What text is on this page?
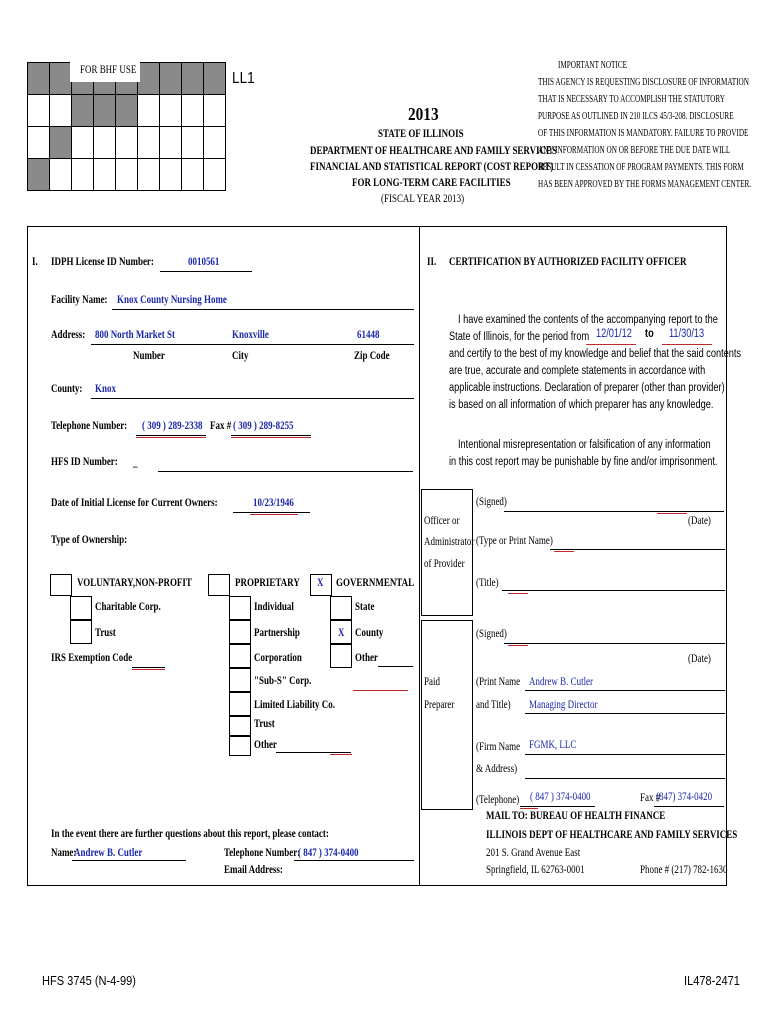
FOR BHF USE	LL1
2013
STATE OF ILLINOIS
DEPARTMENT OF HEALTHCARE AND FAMILY SERVICES
FINANCIAL AND STATISTICAL REPORT (COST REPORT)
FOR LONG-TERM CARE FACILITIES
(FISCAL YEAR 2013)
IMPORTANT NOTICE
THIS AGENCY IS REQUESTING DISCLOSURE OF INFORMATION
THAT IS NECESSARY TO ACCOMPLISH THE STATUTORY
PURPOSE AS OUTLINED IN 210 ILCS 45/3-208. DISCLOSURE
OF THIS INFORMATION IS MANDATORY. FAILURE TO PROVIDE
ANY INFORMATION ON OR BEFORE THE DUE DATE WILL
RESULT IN CESSATION OF PROGRAM PAYMENTS. THIS FORM
HAS BEEN APPROVED BY THE FORMS MANAGEMENT CENTER.
I. IDPH License ID Number:	0010561
Facility Name: Knox County Nursing Home
Address: 800 North Market St	Knoxville	61448
Number	City	Zip Code
County: Knox
Telephone Number: ( 309 ) 289-2338 Fax # ( 309 ) 289-8255
HFS ID Number: _
Date of Initial License for Current Owners:	10/23/1946
Type of Ownership:
VOLUNTARY,NON-PROFIT
Charitable Corp.
Trust
IRS Exemption Code
PROPRIETARY
Individual
Partnership
Corporation
"Sub-S" Corp.
Limited Liability Co.
Trust
Other
X GOVERNMENTAL
State
X County
Other
In the event there are further questions about this report, please contact:
Name:
Andrew B. Cutler	Telephone Number:
( 847 ) 374-0400
Email Address:
II. CERTIFICATION BY AUTHORIZED FACILITY OFFICER
I have examined the contents of the accompanying report to the
State of Illinois, for the period from 12/01/12 to 11/30/13
and certify to the best of my knowledge and belief that the said contents
are true, accurate and complete statements in accordance with
applicable instructions. Declaration of preparer (other than provider)
is based on all information of which preparer has any knowledge.
Intentional misrepresentation or falsification of any information
in this cost report may be punishable by fine and/or imprisonment.
Officer or
Administrator
of Provider
(Signed)
(Date)
(Type or Print Name)
(Title)
Paid
Preparer
(Signed)
(Date)
(Print Name Andrew B. Cutler
and Title) Managing Director
(Firm Name FGMK, LLC
& Address)
(Telephone) ( 847 ) 374-0400	Fax #
(847) 374-0420
MAIL TO: BUREAU OF HEALTH FINANCE
ILLINOIS DEPT OF HEALTHCARE AND FAMILY SERVICES
201 S. Grand Avenue East
Springfield, IL 62763-0001	Phone # (217) 782-1630
HFS 3745 (N-4-99)	IL478-2471
